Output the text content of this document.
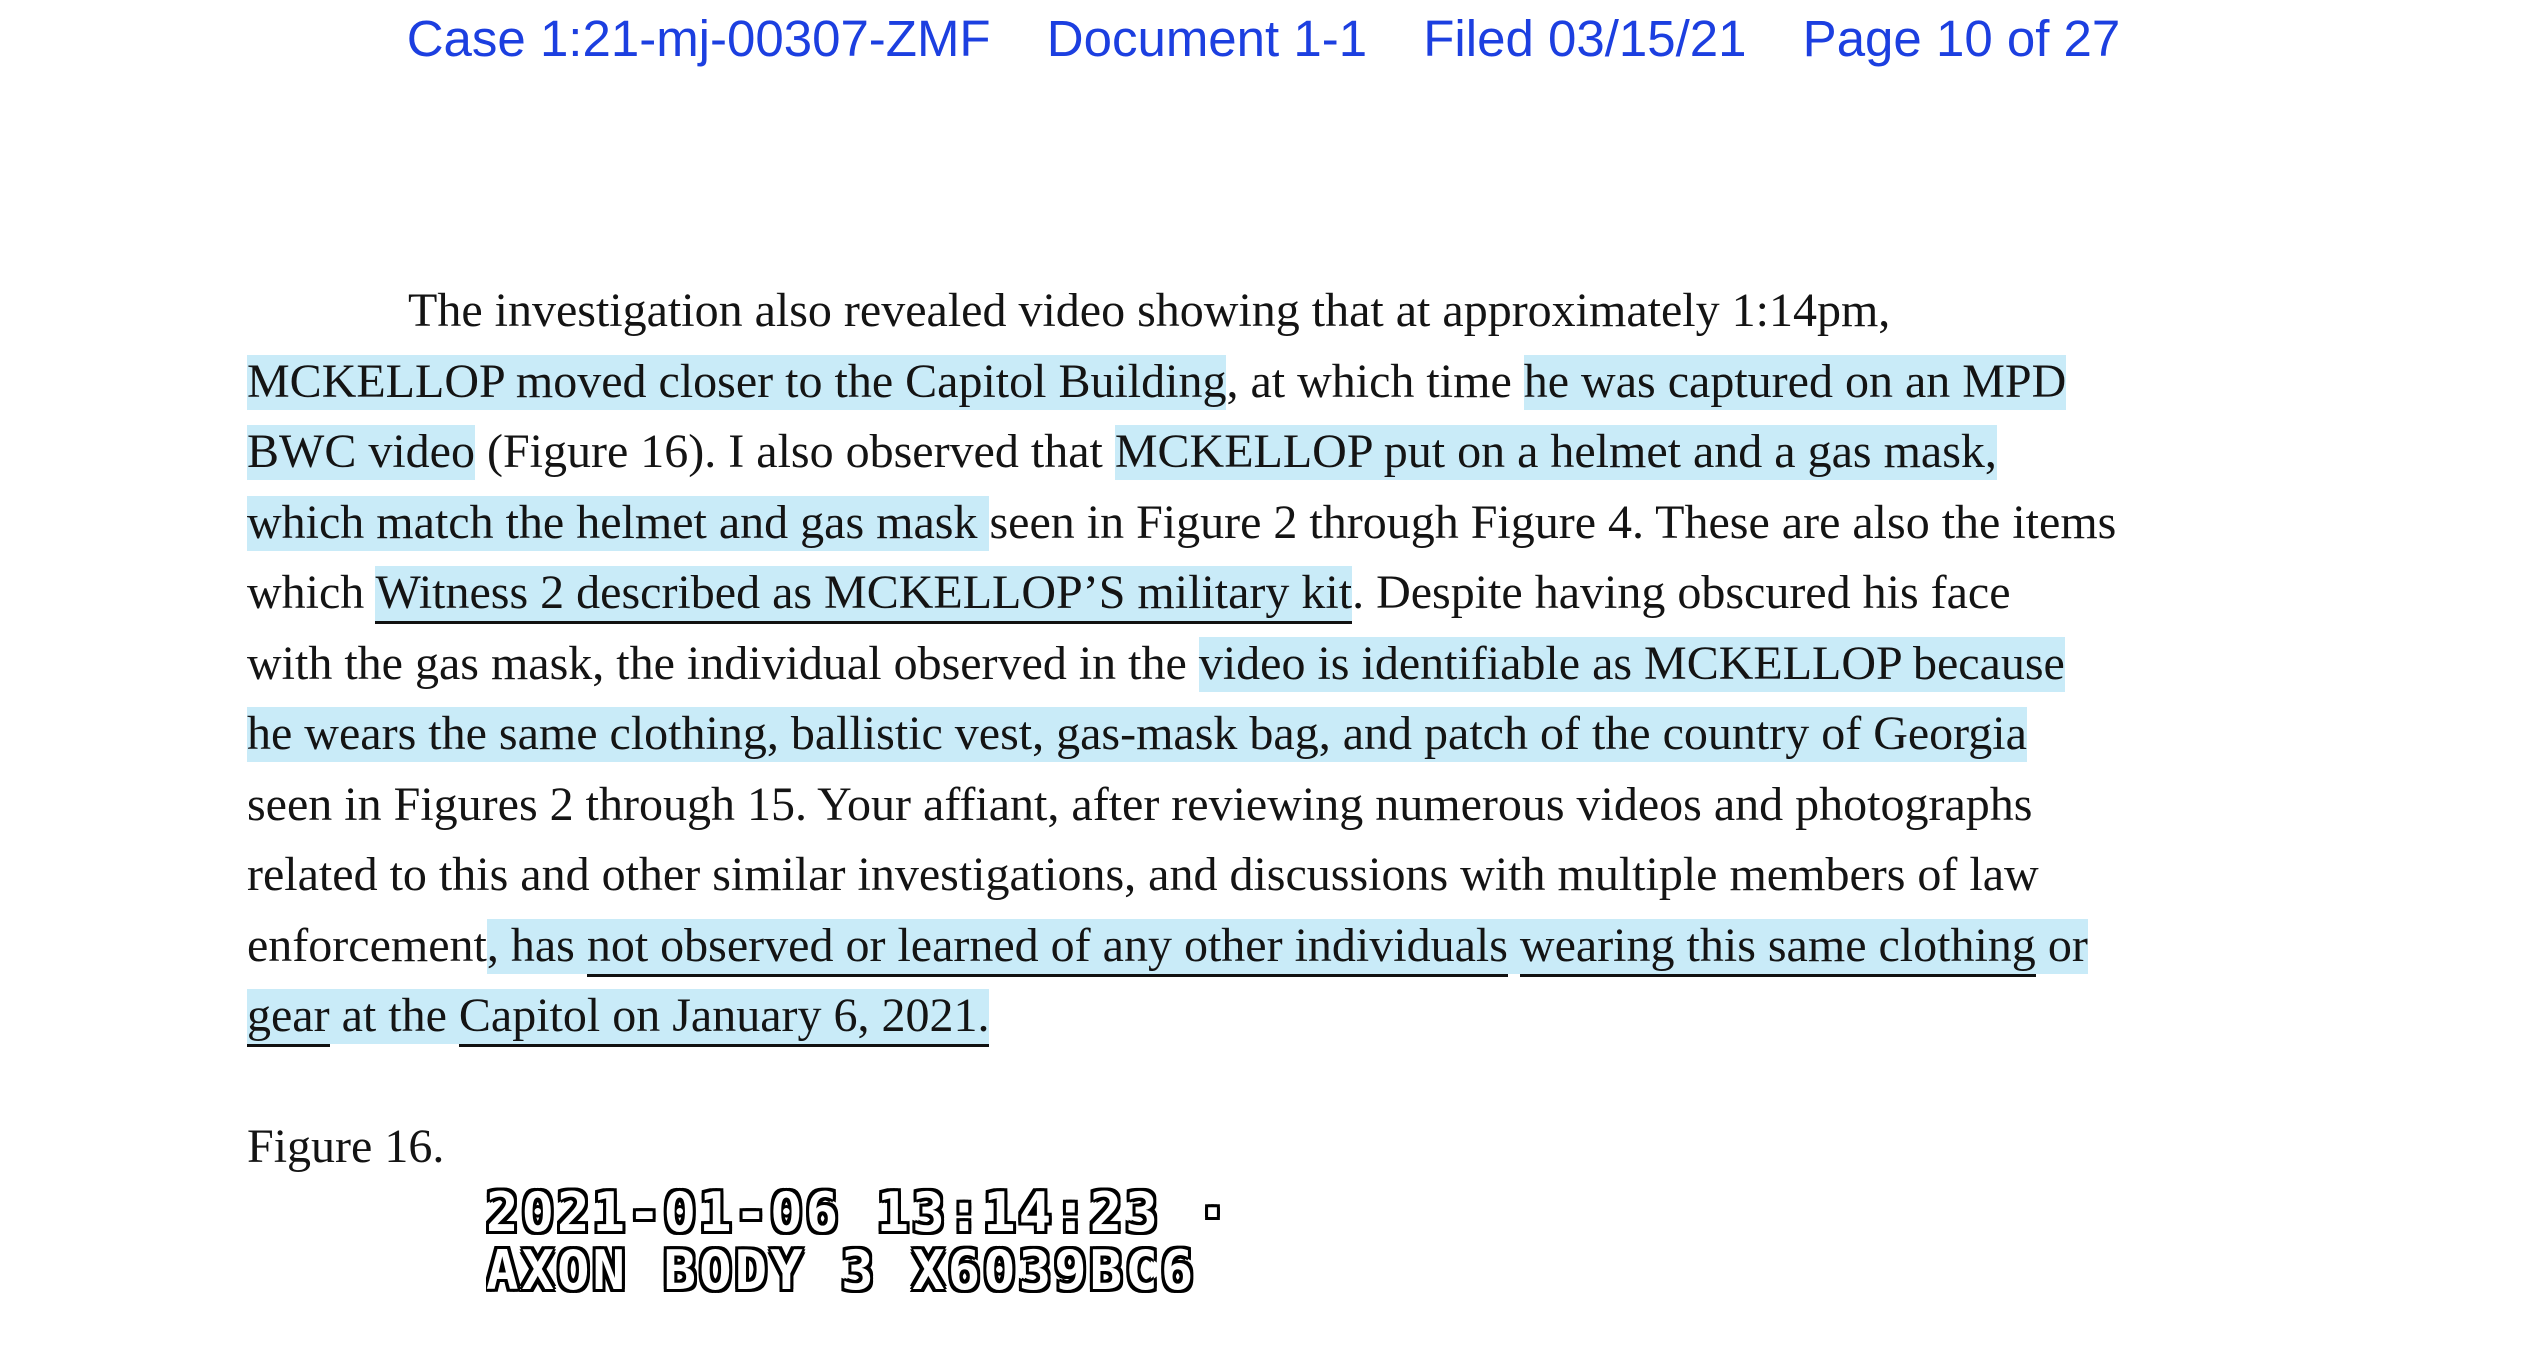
Case 1:21-mj-00307-ZMF Document 1-1 Filed 03/15/21 Page 10 of 27
The investigation also revealed video showing that at approximately 1:14pm,
MCKELLOP moved closer to the Capitol Building, at which time he was captured on an MPD
BWC video (Figure 16). I also observed that MCKELLOP put on a helmet and a gas mask,
which match the helmet and gas mask seen in Figure 2 through Figure 4. These are also the items
which Witness 2 described as MCKELLOP’S military kit. Despite having obscured his face
with the gas mask, the individual observed in the video is identifiable as MCKELLOP because
he wears the same clothing, ballistic vest, gas-mask bag, and patch of the country of Georgia
seen in Figures 2 through 15. Your affiant, after reviewing numerous videos and photographs
related to this and other similar investigations, and discussions with multiple members of law
enforcement, has not observed or learned of any other individuals wearing this same clothing or
gear at the Capitol on January 6, 2021.
Figure 16.
2021-01-06 13:14:23 ·
AXON BODY 3 X6039BC6
